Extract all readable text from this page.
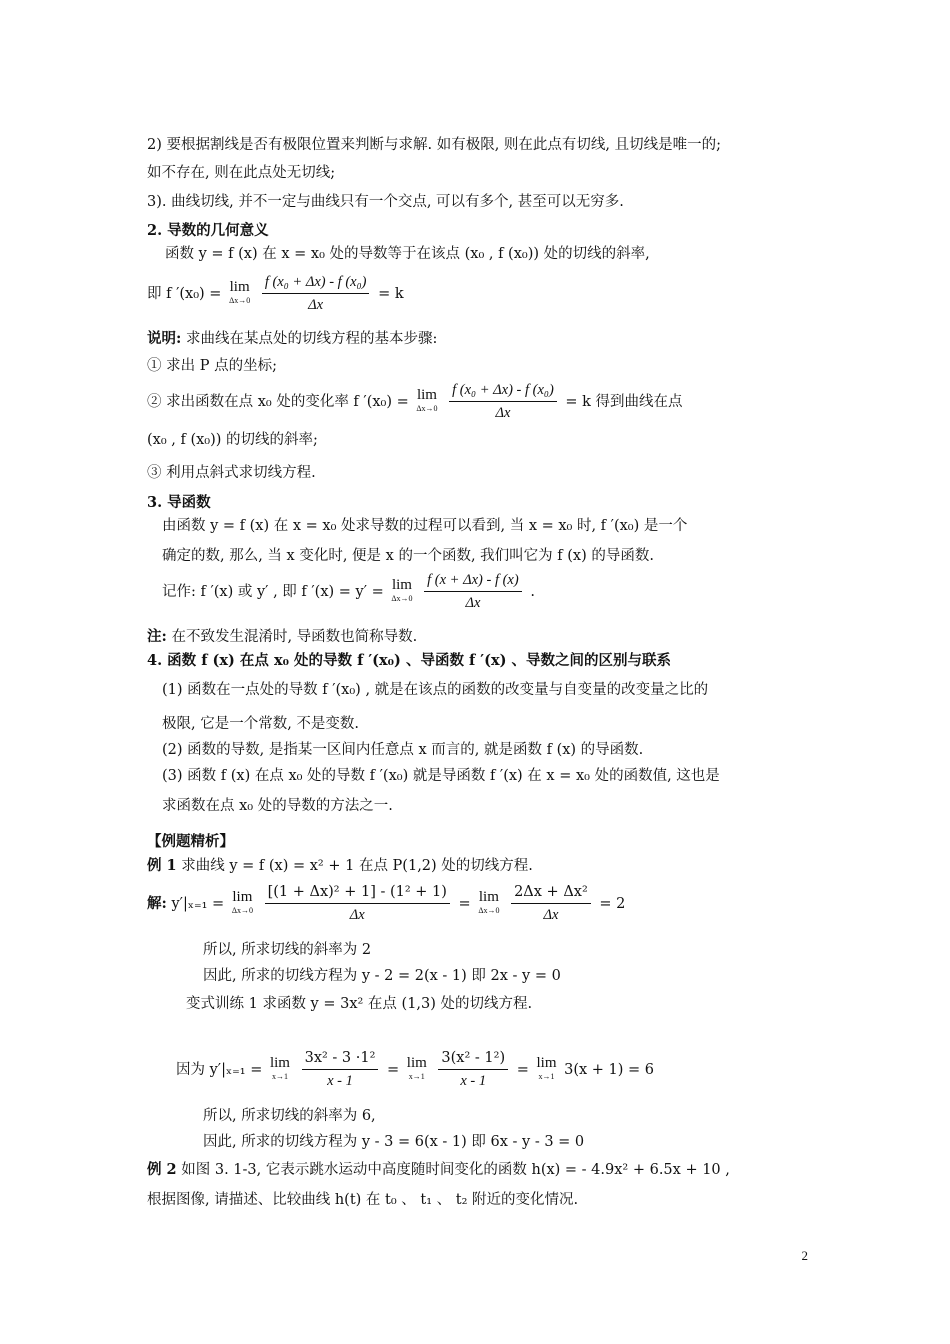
2) 要根据割线是否有极限位置来判断与求解. 如有极限, 则在此点有切线, 且切线是唯一的;
如不存在, 则在此点处无切线;
3). 曲线切线, 并不一定与曲线只有一个交点, 可以有多个, 甚至可以无穷多.
2. 导数的几何意义
函数 y = f (x) 在 x = x₀ 处的导数等于在该点 (x₀ , f (x₀)) 处的切线的斜率,
即 f ′(x₀) = lim
Δx→0
$\frac{\text{f (x₀ + Δx) - f (x₀)}}{\Delta x} = k$
说明: 求曲线在某点处的切线方程的基本步骤:
① 求出 P 点的坐标;
② 求出函数在点 x₀ 处的变化率 f ′(x₀) = lim
Δx→0
$\frac{\text{f (x₀ + Δx) - f (x₀)}}{\Delta x} = k$ 得到曲线在点
(x₀ , f (x₀)) 的切线的斜率;
③ 利用点斜式求切线方程.
3. 导函数
由函数 y = f (x) 在 x = x₀ 处求导数的过程可以看到, 当 x = x₀ 时, f ′(x₀) 是一个
确定的数, 那么, 当 x 变化时, 便是 x 的一个函数, 我们叫它为 f (x) 的导函数.
记作: f ′(x) 或 y′ , 即 f ′(x) = y′ = lim
Δx→0
$\frac{f (x + \Delta x) - f (x)}{\Delta x}$ .
注: 在不致发生混淆时, 导函数也简称导数.
4. 函数 f (x) 在点 x₀ 处的导数 f ′(x₀) 、导函数 f ′(x) 、导数之间的区别与联系
(1) 函数在一点处的导数 f ′(x₀) , 就是在该点的函数的改变量与自变量的改变量之比的
极限, 它是一个常数, 不是变数.
(2) 函数的导数, 是指某一区间内任意点 x 而言的, 就是函数 f (x) 的导函数.
(3) 函数 f (x) 在点 x₀ 处的导数 f ′(x₀) 就是导函数 f ′(x) 在 x = x₀ 处的函数值, 这也是
求函数在点 x₀ 处的导数的方法之一.
【例题精析】
例 1 求曲线 y = f (x) = x² + 1 在点 P(1,2) 处的切线方程.
解: y′|ₓ₌₁ = lim
Δx→0
$\frac{\text{[(1 + Δx)² + 1] - (1² + 1)}}{\Delta x} = \lim$
Δx→0
$\frac{\text{2Δx + Δx²}}{\Delta x} = 2$
所以, 所求切线的斜率为 2
因此, 所求的切线方程为 y - 2 = 2(x - 1) 即 2x - y = 0
变式训练 1 求函数 y = 3x² 在点 (1,3) 处的切线方程.
因为 y′|ₓ₌₁ = lim
x→1
$\frac{\text{3x² - 3 ·1²}}{x - 1} = \lim$
x→1
$\frac{\text{3(x² - 1²)}}{x - 1} = \lim$
x→1 3(x + 1) = 6
所以, 所求切线的斜率为 6,
因此, 所求的切线方程为 y - 3 = 6(x - 1) 即 6x - y - 3 = 0
例 2 如图 3. 1-3, 它表示跳水运动中高度随时间变化的函数 h(x) = - 4.9x² + 6.5x + 10 ,
根据图像, 请描述、比较曲线 h(t) 在 t₀ 、 t₁ 、 t₂ 附近的变化情况.
2
